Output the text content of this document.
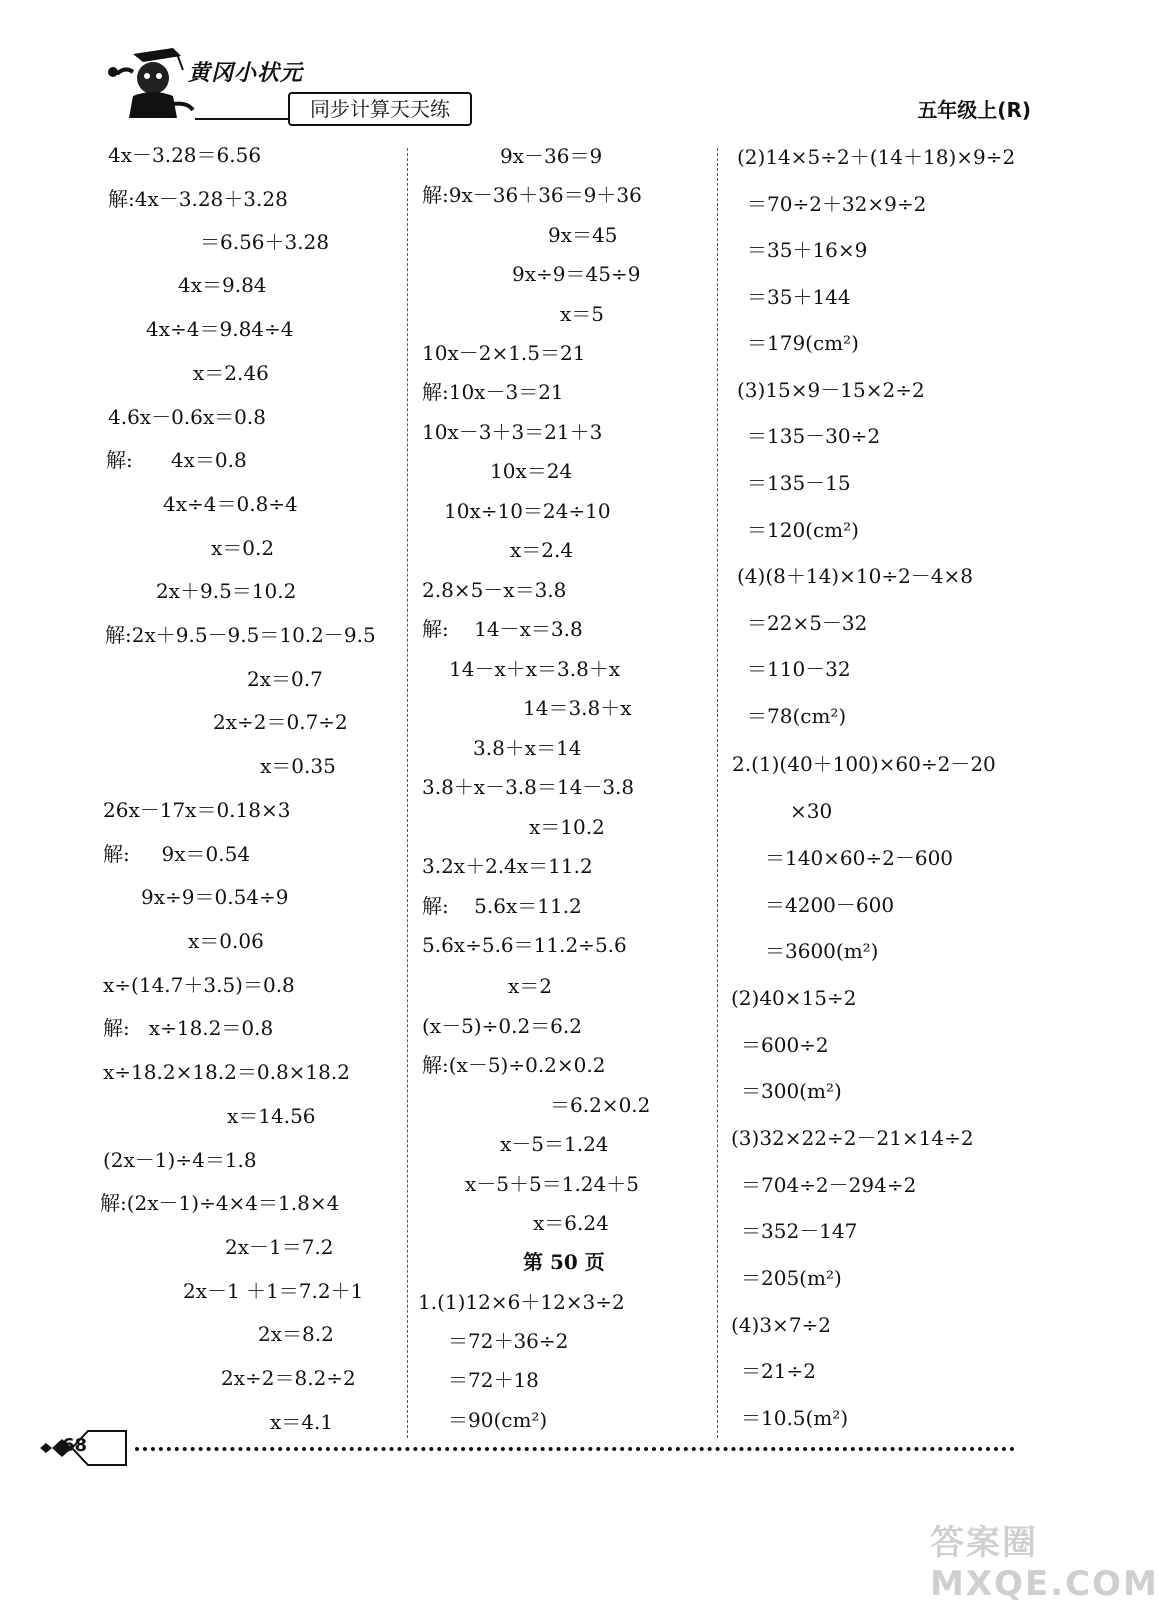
黄冈小状元
同步计算天天练	五年级上(R)
4x－3.28＝6.56
解:4x－3.28＋3.28
＝6.56＋3.28
4x＝9.84
4x÷4＝9.84÷4
x＝2.46
4.6x－0.6x＝0.8
解:      4x＝0.8
4x÷4＝0.8÷4
x＝0.2
2x＋9.5＝10.2
解:2x＋9.5－9.5＝10.2－9.5
2x＝0.7
2x÷2＝0.7÷2
x＝0.35
26x－17x＝0.18×3
解:     9x＝0.54
9x÷9＝0.54÷9
x＝0.06
x÷(14.7＋3.5)＝0.8
解:   x÷18.2＝0.8
x÷18.2×18.2＝0.8×18.2
x＝14.56
(2x－1)÷4＝1.8
解:(2x－1)÷4×4＝1.8×4
2x－1＝7.2
2x－1 ＋1＝7.2＋1
2x＝8.2
2x÷2＝8.2÷2
x＝4.1
9x－36＝9
解:9x－36＋36＝9＋36
9x＝45
9x÷9＝45÷9
x＝5
10x－2×1.5＝21
解:10x－3＝21
10x－3＋3＝21＋3
10x＝24
10x÷10＝24÷10
x＝2.4
2.8×5－x＝3.8
解:    14－x＝3.8
14－x＋x＝3.8＋x
14＝3.8＋x
3.8＋x＝14
3.8＋x－3.8＝14－3.8
x＝10.2
3.2x＋2.4x＝11.2
解:    5.6x＝11.2
5.6x÷5.6＝11.2÷5.6
x＝2
(x－5)÷0.2＝6.2
解:(x－5)÷0.2×0.2
＝6.2×0.2
x－5＝1.24
x－5＋5＝1.24＋5
x＝6.24
第 50 页
1.(1)12×6＋12×3÷2
＝72＋36÷2
＝72＋18
＝90(cm²)
(2)14×5÷2＋(14＋18)×9÷2
＝70÷2＋32×9÷2
＝35＋16×9
＝35＋144
＝179(cm²)
(3)15×9－15×2÷2
＝135－30÷2
＝135－15
＝120(cm²)
(4)(8＋14)×10÷2－4×8
＝22×5－32
＝110－32
＝78(cm²)
2.(1)(40＋100)×60÷2－20
×30
＝140×60÷2－600
＝4200－600
＝3600(m²)
(2)40×15÷2
＝600÷2
＝300(m²)
(3)32×22÷2－21×14÷2
＝704÷2－294÷2
＝352－147
＝205(m²)
(4)3×7÷2
＝21÷2
＝10.5(m²)
68
答案圈 MXQE.COM
